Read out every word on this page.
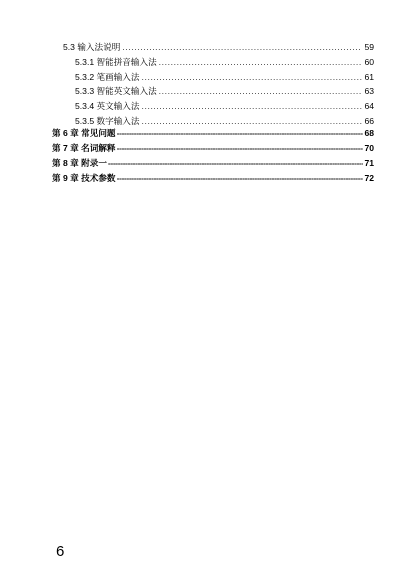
5.3 输入法说明 .....	59
5.3.1 智能拼音输入法 .....	60
5.3.2 笔画输入法 .....	61
5.3.3 智能英文输入法 .....	63
5.3.4 英文输入法 .....	64
5.3.5 数字输入法 .....	66
第 6 章 常见问题 -----	68
第 7 章 名词解释 -----	70
第 8 章 附录一 -----	71
第 9 章 技术参数 -----	72
6
